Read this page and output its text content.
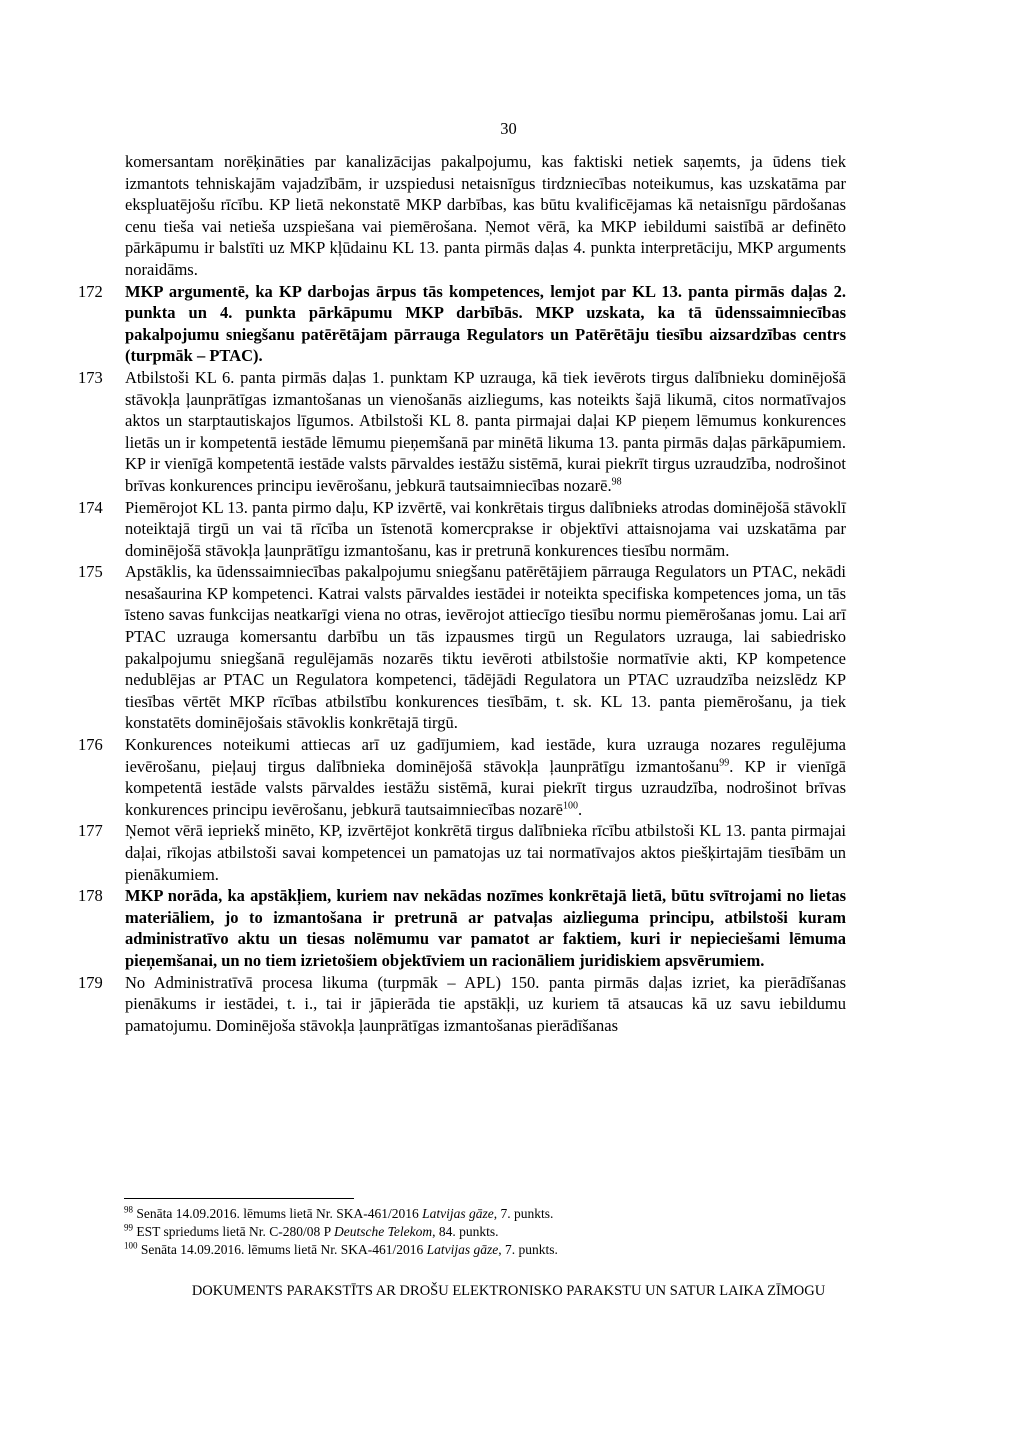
30
komersantam norēķināties par kanalizācijas pakalpojumu, kas faktiski netiek saņemts, ja ūdens tiek izmantots tehniskajām vajadzībām, ir uzspiedusi netaisnīgus tirdzniecības noteikumus, kas uzskatāma par ekspluatējošu rīcību. KP lietā nekonstatē MKP darbības, kas būtu kvalificējamas kā netaisnīgu pārdošanas cenu tieša vai netieša uzspiešana vai piemērošana. Ņemot vērā, ka MKP iebildumi saistībā ar definēto pārkāpumu ir balstīti uz MKP kļūdainu KL 13. panta pirmās daļas 4. punkta interpretāciju, MKP arguments noraidāms.
172	MKP argumentē, ka KP darbojas ārpus tās kompetences, lemjot par KL 13. panta pirmās daļas 2. punkta un 4. punkta pārkāpumu MKP darbībās. MKP uzskata, ka tā ūdenssaimniecības pakalpojumu sniegšanu patērētājam pārrauga Regulators un Patērētāju tiesību aizsardzības centrs (turpmāk – PTAC).
173	Atbilstoši KL 6. panta pirmās daļas 1. punktam KP uzrauga, kā tiek ievērots tirgus dalībnieku dominējošā stāvokļa ļaunprātīgas izmantošanas un vienošanās aizliegums, kas noteikts šajā likumā, citos normatīvajos aktos un starptautiskajos līgumos. Atbilstoši KL 8. panta pirmajai daļai KP pieņem lēmumus konkurences lietās un ir kompetentā iestāde lēmumu pieņemšanā par minētā likuma 13. panta pirmās daļas pārkāpumiem. KP ir vienīgā kompetentā iestāde valsts pārvaldes iestāžu sistēmā, kurai piekrīt tirgus uzraudzība, nodrošinot brīvas konkurences principu ievērošanu, jebkurā tautsaimniecības nozarē.$^{98}$
174	Piemērojot KL 13. panta pirmo daļu, KP izvērtē, vai konkrētais tirgus dalībnieks atrodas dominējošā stāvoklī noteiktajā tirgū un vai tā rīcība un īstenotā komercprakse ir objektīvi attaisnojama vai uzskatāma par dominējošā stāvokļa ļaunprātīgu izmantošanu, kas ir pretrunā konkurences tiesību normām.
175	Apstāklis, ka ūdenssaimniecības pakalpojumu sniegšanu patērētājiem pārrauga Regulators un PTAC, nekādi nesašaurina KP kompetenci. Katrai valsts pārvaldes iestādei ir noteikta specifiska kompetences joma, un tās īsteno savas funkcijas neatkarīgi viena no otras, ievērojot attiecīgo tiesību normu piemērošanas jomu. Lai arī PTAC uzrauga komersantu darbību un tās izpausmes tirgū un Regulators uzrauga, lai sabiedrisko pakalpojumu sniegšanā regulējamās nozarēs tiktu ievēroti atbilstošie normatīvie akti, KP kompetence nedublējas ar PTAC un Regulatora kompetenci, tādējādi Regulatora un PTAC uzraudzība neizslēdz KP tiesības vērtēt MKP rīcības atbilstību konkurences tiesībām, t. sk. KL 13. panta piemērošanu, ja tiek konstatēts dominējošais stāvoklis konkrētajā tirgū.
176	Konkurences noteikumi attiecas arī uz gadījumiem, kad iestāde, kura uzrauga nozares regulējuma ievērošanu, pieļauj tirgus dalībnieka dominējošā stāvokļa ļaunprātīgu izmantošanu$^{99}$. KP ir vienīgā kompetentā iestāde valsts pārvaldes iestāžu sistēmā, kurai piekrīt tirgus uzraudzība, nodrošinot brīvas konkurences principu ievērošanu, jebkurā tautsaimniecības nozarē$^{100}$.
177	Ņemot vērā iepriekš minēto, KP, izvērtējot konkrētā tirgus dalībnieka rīcību atbilstoši KL 13. panta pirmajai daļai, rīkojas atbilstoši savai kompetencei un pamatojas uz tai normatīvajos aktos piešķirtajām tiesībām un pienākumiem.
178	MKP norāda, ka apstākļiem, kuriem nav nekādas nozīmes konkrētajā lietā, būtu svītrojami no lietas materiāliem, jo to izmantošana ir pretrunā ar patvaļas aizlieguma principu, atbilstoši kuram administratīvo aktu un tiesas nolēmumu var pamatot ar faktiem, kuri ir nepieciešami lēmuma pieņemšanai, un no tiem izrietošiem objektīviem un racionāliem juridiskiem apsvērumiem.
179	No Administratīvā procesa likuma (turpmāk – APL) 150. panta pirmās daļas izriet, ka pierādīšanas pienākums ir iestādei, t. i., tai ir jāpierāda tie apstākļi, uz kuriem tā atsaucas kā uz savu iebildumu pamatojumu. Dominējoša stāvokļa ļaunprātīgas izmantošanas pierādīšanas
$^{98}$ Senāta 14.09.2016. lēmums lietā Nr. SKA-461/2016 Latvijas gāze, 7. punkts.
$^{99}$ EST spriedums lietā Nr. C-280/08 P Deutsche Telekom, 84. punkts.
$^{100}$ Senāta 14.09.2016. lēmums lietā Nr. SKA-461/2016 Latvijas gāze, 7. punkts.
DOKUMENTS PARAKSTĪTS AR DROŠU ELEKTRONISKO PARAKSTU UN SATUR LAIKA ZĪMOGU
